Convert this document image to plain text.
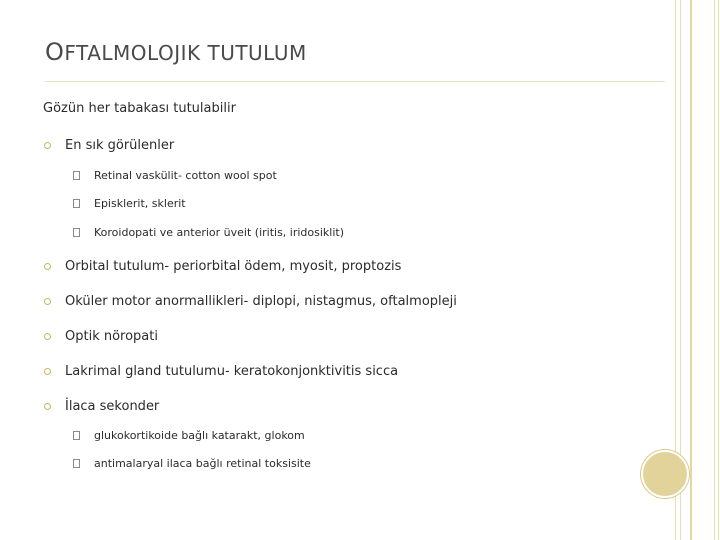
OFTALMOLOJIK TUTULUM
Gözün her tabakası tutulabilir
En sık görülenler
Retinal vaskülit- cotton wool spot
Episklerit, sklerit
Koroidopati ve anterior üveit (iritis, iridosiklit)
Orbital tutulum- periorbital ödem, myosit, proptozis
Oküler motor anormallikleri- diplopi, nistagmus, oftalmopleji
Optik nöropati
Lakrimal gland tutulumu- keratokonjonktivitis sicca
İlaca sekonder
glukokortikoide bağlı katarakt, glokom
antimalaryal ilaca bağlı retinal toksisite
